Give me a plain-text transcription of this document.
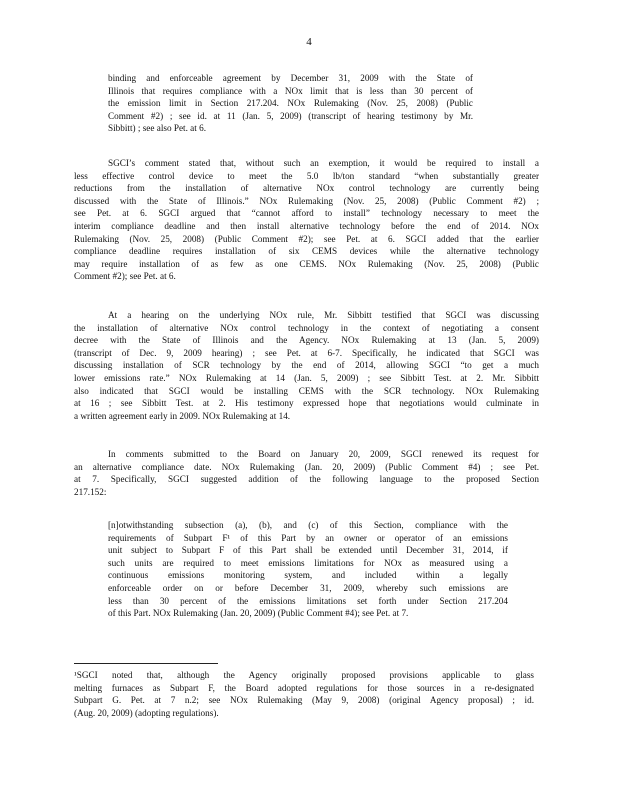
4
binding and enforceable agreement by December 31, 2009 with the State of
Illinois that requires compliance with a NOx limit that is less than 30 percent of
the emission limit in Section 217.204. NOx Rulemaking (Nov. 25, 2008) (Public
Comment #2) ; see id. at 11 (Jan. 5, 2009) (transcript of hearing testimony by Mr.
Sibbitt) ; see also Pet. at 6.
SGCI’s comment stated that, without such an exemption, it would be required to install a
less effective control device to meet the 5.0 lb/ton standard “when substantially greater
reductions from the installation of alternative NOx control technology are currently being
discussed with the State of Illinois.” NOx Rulemaking (Nov. 25, 2008) (Public Comment #2) ;
see Pet. at 6. SGCI argued that “cannot afford to install” technology necessary to meet the
interim compliance deadline and then install alternative technology before the end of 2014. NOx
Rulemaking (Nov. 25, 2008) (Public Comment #2); see Pet. at 6. SGCI added that the earlier
compliance deadline requires installation of six CEMS devices while the alternative technology
may require installation of as few as one CEMS. NOx Rulemaking (Nov. 25, 2008) (Public
Comment #2); see Pet. at 6.
At a hearing on the underlying NOx rule, Mr. Sibbitt testified that SGCI was discussing
the installation of alternative NOx control technology in the context of negotiating a consent
decree with the State of Illinois and the Agency. NOx Rulemaking at 13 (Jan. 5, 2009)
(transcript of Dec. 9, 2009 hearing) ; see Pet. at 6-7. Specifically, he indicated that SGCI was
discussing installation of SCR technology by the end of 2014, allowing SGCI “to get a much
lower emissions rate.” NOx Rulemaking at 14 (Jan. 5, 2009) ; see Sibbitt Test. at 2. Mr. Sibbitt
also indicated that SGCI would be installing CEMS with the SCR technology. NOx Rulemaking
at 16 ; see Sibbitt Test. at 2. His testimony expressed hope that negotiations would culminate in
a written agreement early in 2009. NOx Rulemaking at 14.
In comments submitted to the Board on January 20, 2009, SGCI renewed its request for
an alternative compliance date. NOx Rulemaking (Jan. 20, 2009) (Public Comment #4) ; see Pet.
at 7. Specifically, SGCI suggested addition of the following language to the proposed Section
217.152:
[n]otwithstanding subsection (a), (b), and (c) of this Section, compliance with the
requirements of Subpart F¹ of this Part by an owner or operator of an emissions
unit subject to Subpart F of this Part shall be extended until December 31, 2014, if
such units are required to meet emissions limitations for NOx as measured using a
continuous emissions monitoring system, and included within a legally
enforceable order on or before December 31, 2009, whereby such emissions are
less than 30 percent of the emissions limitations set forth under Section 217.204
of this Part. NOx Rulemaking (Jan. 20, 2009) (Public Comment #4); see Pet. at 7.
¹SGCI noted that, although the Agency originally proposed provisions applicable to glass
melting furnaces as Subpart F, the Board adopted regulations for those sources in a re-designated
Subpart G. Pet. at 7 n.2; see NOx Rulemaking (May 9, 2008) (original Agency proposal) ; id.
(Aug. 20, 2009) (adopting regulations).
